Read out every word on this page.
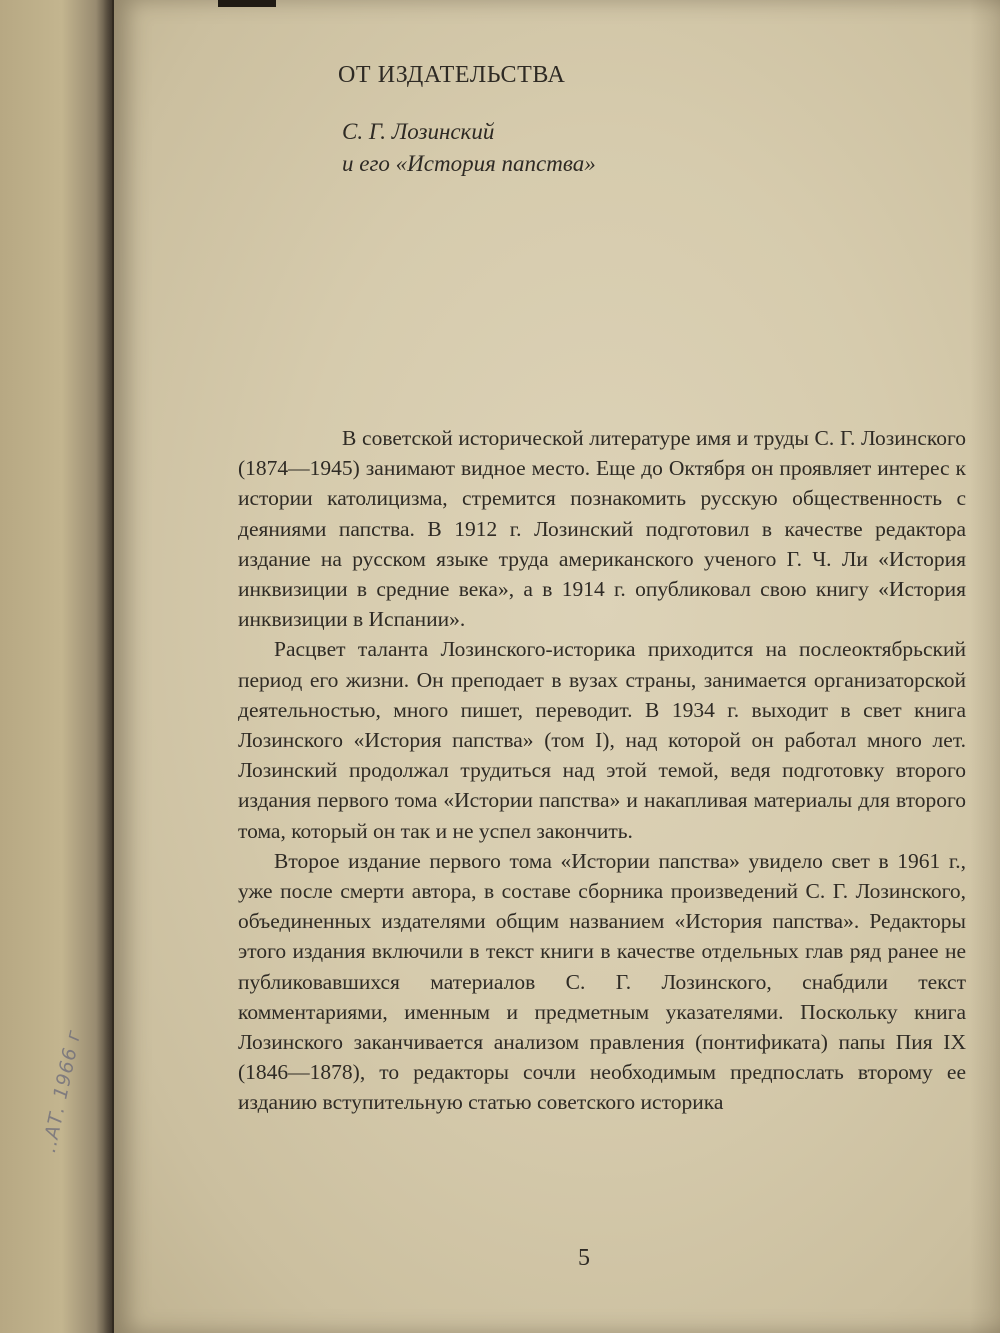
..АТ. 1966 г
ОТ ИЗДАТЕЛЬСТВА
С. Г. Лозинский
и его «История папства»

В советской исторической литературе имя и труды С. Г. Лозинского (1874—1945) занимают видное место. Еще до Октября он проявляет интерес к истории католицизма, стремится познакомить русскую общественность с деяниями папства. В 1912 г. Лозинский подготовил в качестве редактора издание на русском языке труда американского ученого Г. Ч. Ли «История инквизиции в средние века», а в 1914 г. опубликовал свою книгу «История инквизиции в Испании».

Расцвет таланта Лозинского-историка приходится на послеоктябрьский период его жизни. Он преподает в вузах страны, занимается организаторской деятельностью, много пишет, переводит. В 1934 г. выходит в свет книга Лозинского «История папства» (том I), над которой он работал много лет. Лозинский продолжал трудиться над этой темой, ведя подготовку второго издания первого тома «Истории папства» и накапливая материалы для второго тома, который он так и не успел закончить.

Второе издание первого тома «Истории папства» увидело свет в 1961 г., уже после смерти автора, в составе сборника произведений С. Г. Лозинского, объединенных издателями общим названием «История папства». Редакторы этого издания включили в текст книги в качестве отдельных глав ряд ранее не публиковавшихся материалов С. Г. Лозинского, снабдили текст комментариями, именным и предметным указателями. Поскольку книга Лозинского заканчивается анализом правления (понтификата) папы Пия IX (1846—1878), то редакторы сочли необходимым предпослать второму ее изданию вступительную статью советского историка

5
